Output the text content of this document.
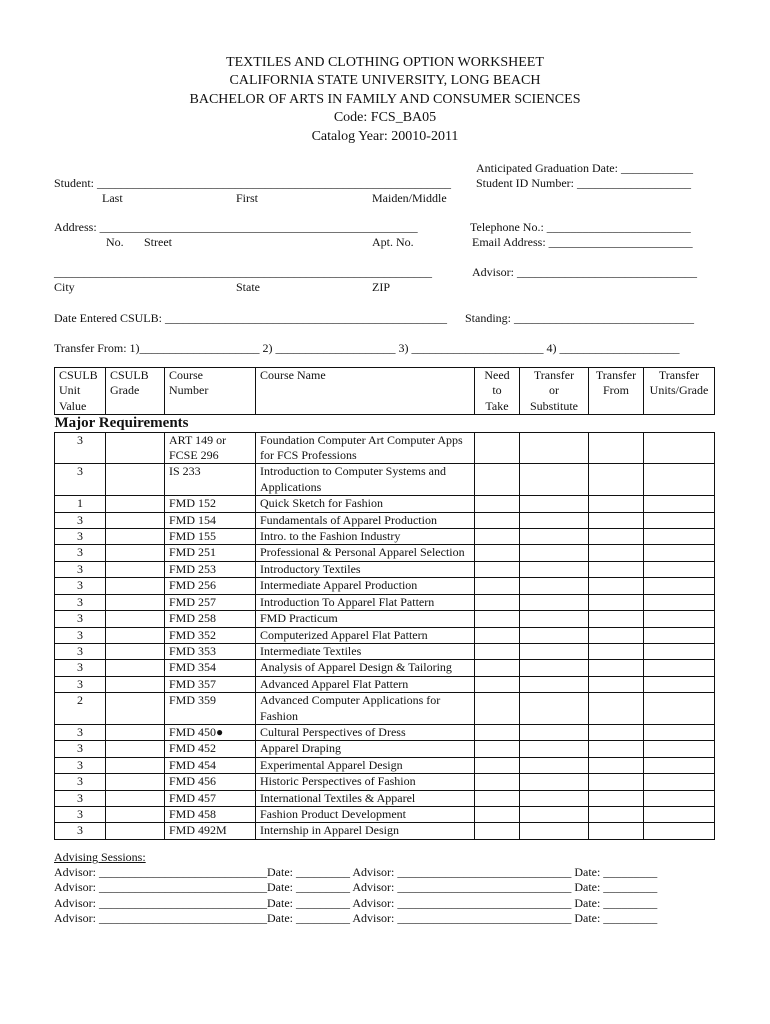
TEXTILES AND CLOTHING OPTION WORKSHEET
CALIFORNIA STATE UNIVERSITY, LONG BEACH
BACHELOR OF ARTS IN FAMILY AND CONSUMER SCIENCES
Code: FCS_BA05
Catalog Year: 20010-2011
Anticipated Graduation Date: ____________
Student: ___________________________________________________________ Student ID Number: ___________________
Last	First	Maiden/Middle
Address: _____________________________________________________	Telephone No.: ________________________
No. Street	Apt. No.	Email Address: ________________________
_______________________________________________________________	Advisor: ______________________________
City	State	ZIP
Date Entered CSULB: _______________________________________________ Standing: ______________________________
Transfer From: 1)____________________ 2) ____________________ 3) ______________________ 4) ____________________
CSULB Unit Value	CSULB Grade	Course Number	Course Name	Need to Take	Transfer or Substitute	Transfer From	Transfer Units/Grade
Major Requirements							
3		ART 149 or FCSE 296	Foundation Computer Art Computer Apps for FCS Professions				
3		IS 233	Introduction to Computer Systems and Applications				
1		FMD 152	Quick Sketch for Fashion				
3		FMD 154	Fundamentals of Apparel Production				
3		FMD 155	Intro. to the Fashion Industry				
3		FMD 251	Professional & Personal Apparel Selection				
3		FMD 253	Introductory Textiles				
3		FMD 256	Intermediate Apparel Production				
3		FMD 257	Introduction To Apparel Flat Pattern				
3		FMD 258	FMD Practicum				
3		FMD 352	Computerized Apparel Flat Pattern				
3		FMD 353	Intermediate Textiles				
3		FMD 354	Analysis of Apparel Design & Tailoring				
3		FMD 357	Advanced Apparel Flat Pattern				
2		FMD 359	Advanced Computer Applications for Fashion				
3		FMD 450●	Cultural Perspectives of Dress				
3		FMD 452	Apparel Draping				
3		FMD 454	Experimental Apparel Design				
3		FMD 456	Historic Perspectives of Fashion				
3		FMD 457	International Textiles & Apparel				
3		FMD 458	Fashion Product Development				
3		FMD 492M	Internship in Apparel Design				
Advising Sessions:
Advisor: ____________________________Date: _________ Advisor: _____________________________ Date: _________
Advisor: ____________________________Date: _________ Advisor: _____________________________ Date: _________
Advisor: ____________________________Date: _________ Advisor: _____________________________ Date: _________
Advisor: ____________________________Date: _________ Advisor: _____________________________ Date: _________
